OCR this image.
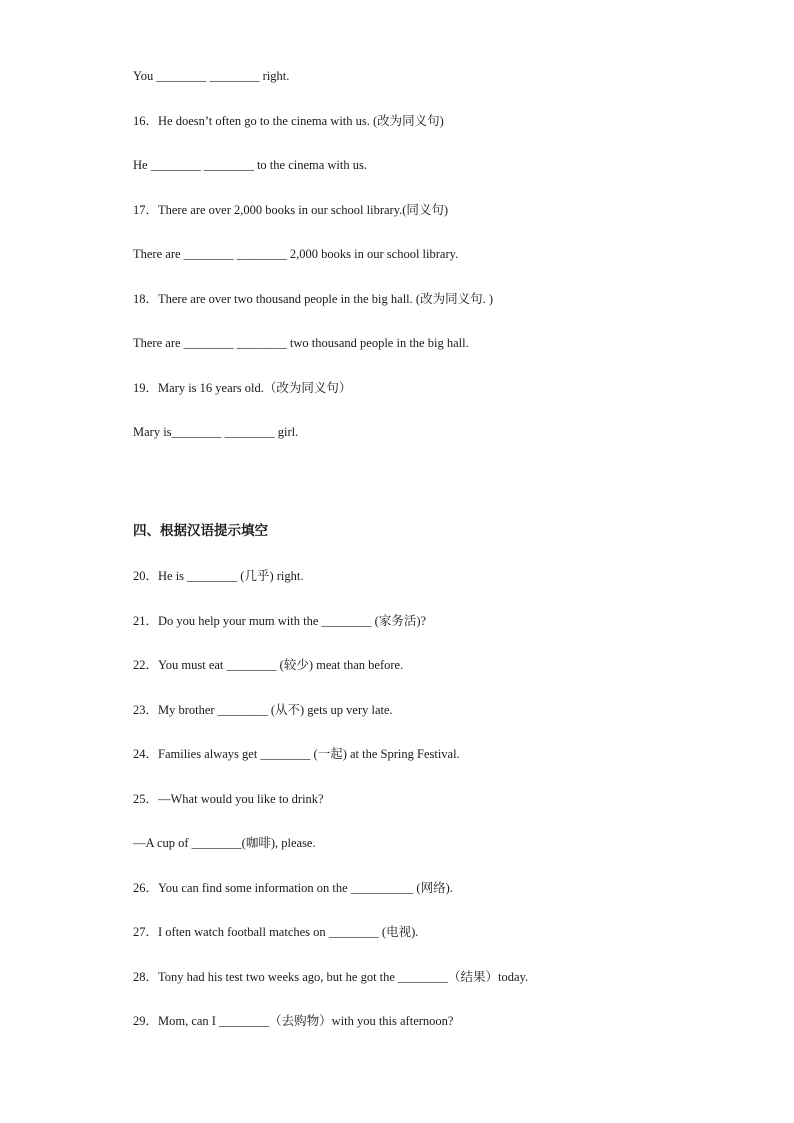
You ________ ________ right.
16．He doesn’t often go to the cinema with us. (改为同义句)
He ________ ________ to the cinema with us.
17．There are over 2,000 books in our school library.(同义句)
There are ________ ________ 2,000 books in our school library.
18．There are over two thousand people in the big hall. (改为同义句. )
There are ________ ________ two thousand people in the big hall.
19．Mary is 16 years old.（改为同义句）
Mary is________ ________ girl.
四、根据汉语提示填空
20．He is ________ (几乎) right.
21．Do you help your mum with the ________ (家务活)?
22．You must eat ________ (较少) meat than before.
23．My brother ________ (从不) gets up very late.
24．Families always get ________ (一起) at the Spring Festival.
25．—What would you like to drink?
—A cup of ________(咖啡), please.
26．You can find some information on the __________ (网络).
27．I often watch football matches on ________ (电视).
28．Tony had his test two weeks ago, but he got the ________（结果）today.
29．Mom, can I ________（去购物）with you this afternoon?
